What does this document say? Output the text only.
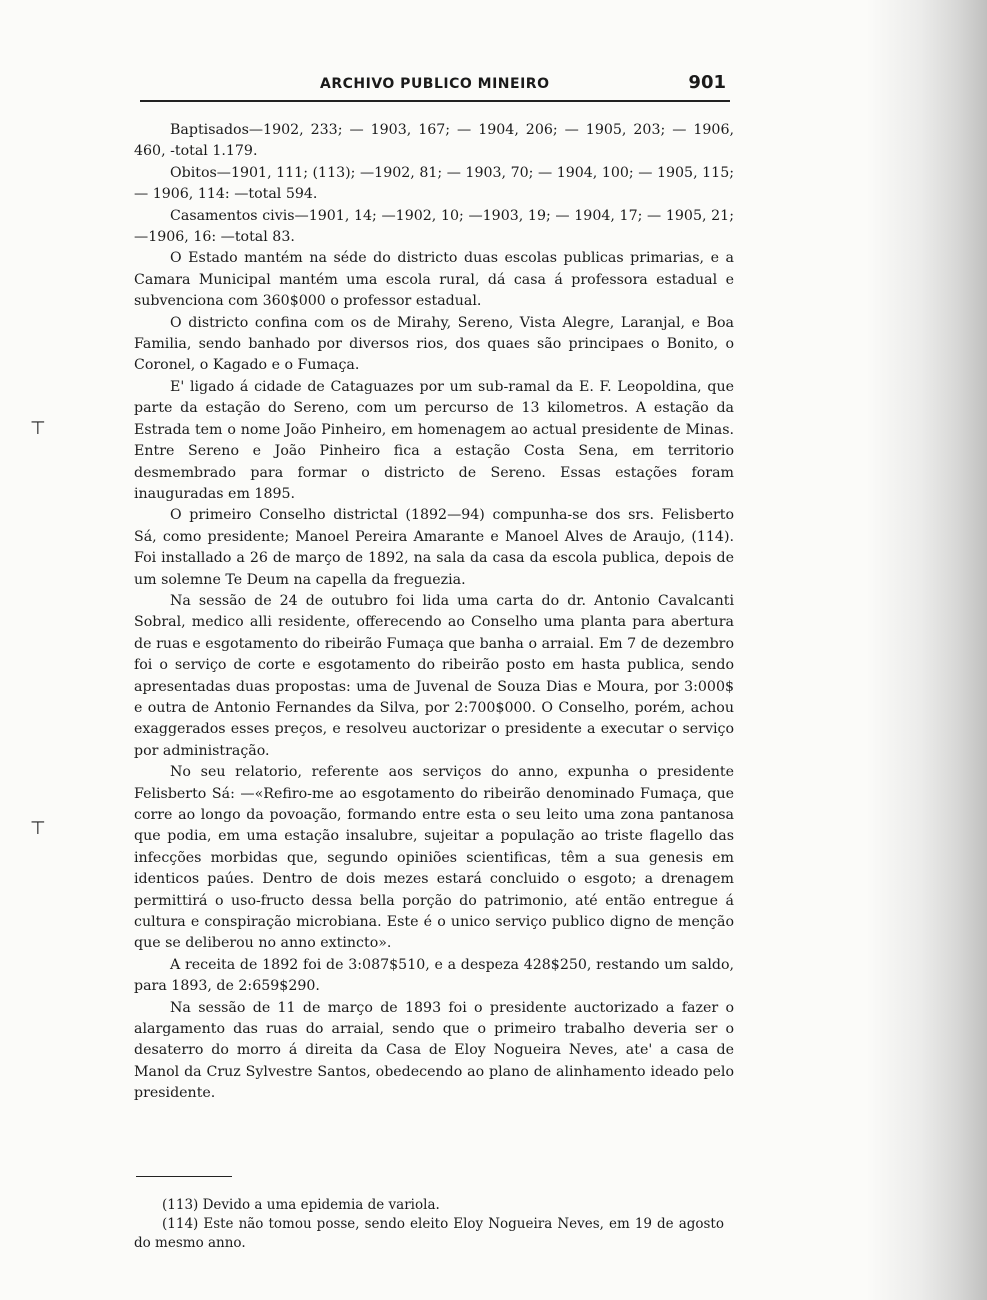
⊤
⊤
ARCHIVO PUBLICO MINEIRO	901

Baptisados—1902, 233; — 1903, 167; — 1904, 206; — 1905, 203; — 1906, 460, -total 1.179.

Obitos—1901, 111; (113); —1902, 81; — 1903, 70; — 1904, 100; — 1905, 115; — 1906, 114: —total 594.

Casamentos civis—1901, 14; —1902, 10; —1903, 19; — 1904, 17; — 1905, 21; —1906, 16: —total 83.

O Estado mantém na séde do districto duas escolas publicas primarias, e a Camara Municipal mantém uma escola rural, dá casa á professora estadual e subvenciona com 360$000 o professor estadual.

O districto confina com os de Mirahy, Sereno, Vista Alegre, Laranjal, e Boa Familia, sendo banhado por diversos rios, dos quaes são principaes o Bonito, o Coronel, o Kagado e o Fumaça.

E' ligado á cidade de Cataguazes por um sub-ramal da E. F. Leopoldina, que parte da estação do Sereno, com um percurso de 13 kilometros. A estação da Estrada tem o nome João Pinheiro, em homenagem ao actual presidente de Minas. Entre Sereno e João Pinheiro fica a estação Costa Sena, em territorio desmembrado para formar o districto de Sereno. Essas estações foram inauguradas em 1895.

O primeiro Conselho districtal (1892—94) compunha-se dos srs. Felisberto Sá, como presidente; Manoel Pereira Amarante e Manoel Alves de Araujo, (114). Foi installado a 26 de março de 1892, na sala da casa da escola publica, depois de um solemne Te Deum na capella da freguezia.

Na sessão de 24 de outubro foi lida uma carta do dr. Antonio Cavalcanti Sobral, medico alli residente, offerecendo ao Conselho uma planta para abertura de ruas e esgotamento do ribeirão Fumaça que banha o arraial. Em 7 de dezembro foi o serviço de corte e esgotamento do ribeirão posto em hasta publica, sendo apresentadas duas propostas: uma de Juvenal de Souza Dias e Moura, por 3:000$ e outra de Antonio Fernandes da Silva, por 2:700$000. O Conselho, porém, achou exaggerados esses preços, e resolveu auctorizar o presidente a executar o serviço por administração.

No seu relatorio, referente aos serviços do anno, expunha o presidente Felisberto Sá: —«Refiro-me ao esgotamento do ribeirão denominado Fumaça, que corre ao longo da povoação, formando entre esta o seu leito uma zona pantanosa que podia, em uma estação insalubre, sujeitar a população ao triste flagello das infecções morbidas que, segundo opiniões scientificas, têm a sua genesis em identicos paúes. Dentro de dois mezes estará concluido o esgoto; a drenagem permittirá o uso-fructo dessa bella porção do patrimonio, até então entregue á cultura e conspiração microbiana. Este é o unico serviço publico digno de menção que se deliberou no anno extincto».

A receita de 1892 foi de 3:087$510, e a despeza 428$250, restando um saldo, para 1893, de 2:659$290.

Na sessão de 11 de março de 1893 foi o presidente auctorizado a fazer o alargamento das ruas do arraial, sendo que o primeiro trabalho deveria ser o desaterro do morro á direita da Casa de Eloy Nogueira Neves, ate' a casa de Manol da Cruz Sylvestre Santos, obedecendo ao plano de alinhamento ideado pelo presidente.

(113) Devido a uma epidemia de variola.

(114) Este não tomou posse, sendo eleito Eloy Nogueira Neves, em 19 de agosto do mesmo anno.
